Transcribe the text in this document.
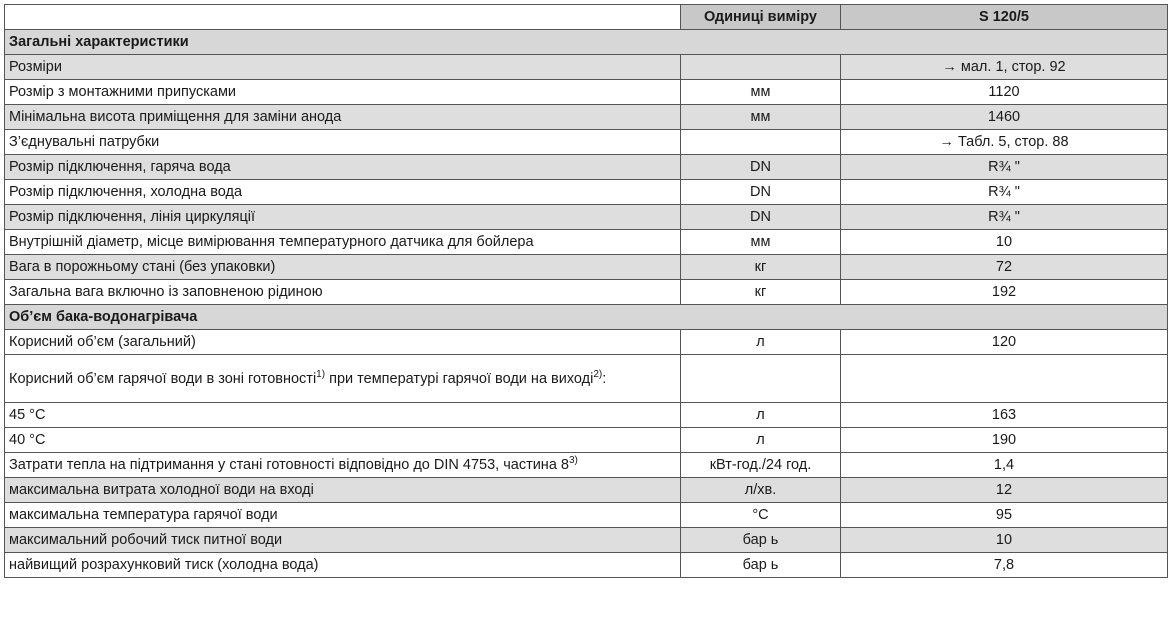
	Одиниці виміру	S 120/5
Загальні характеристики		
Розміри		→ мал. 1, стор. 92
Розмір з монтажними припусками	мм	1120
Мінімальна висота приміщення для заміни анода	мм	1460
З’єднувальні патрубки		→ Табл. 5, стор. 88
Розмір підключення, гаряча вода	DN	R¾ "
Розмір підключення, холодна вода	DN	R¾ "
Розмір підключення, лінія циркуляції	DN	R¾ "
Внутрішній діаметр, місце вимірювання температурного датчика для бойлера	мм	10
Вага в порожньому стані (без упаковки)	кг	72
Загальна вага включно із заповненою рідиною	кг	192
Об’єм бака-водонагрівача		
Корисний об’єм (загальний)	л	120
Корисний об’єм гарячої води в зоні готовності$^{1)}$ при температурі гарячої води на виході$^{2)}$:		
45 °C	л	163
40 °C	л	190
Затрати тепла на підтримання у стані готовності відповідно до DIN 4753, частина 8$^{3)}$	кВт-год./24 год.	1,4
максимальна витрата холодної води на вході	л/хв.	12
максимальна температура гарячої води	°C	95
максимальний робочий тиск питної води	бар ь	10
найвищий розрахунковий тиск (холодна вода)	бар ь	7,8
